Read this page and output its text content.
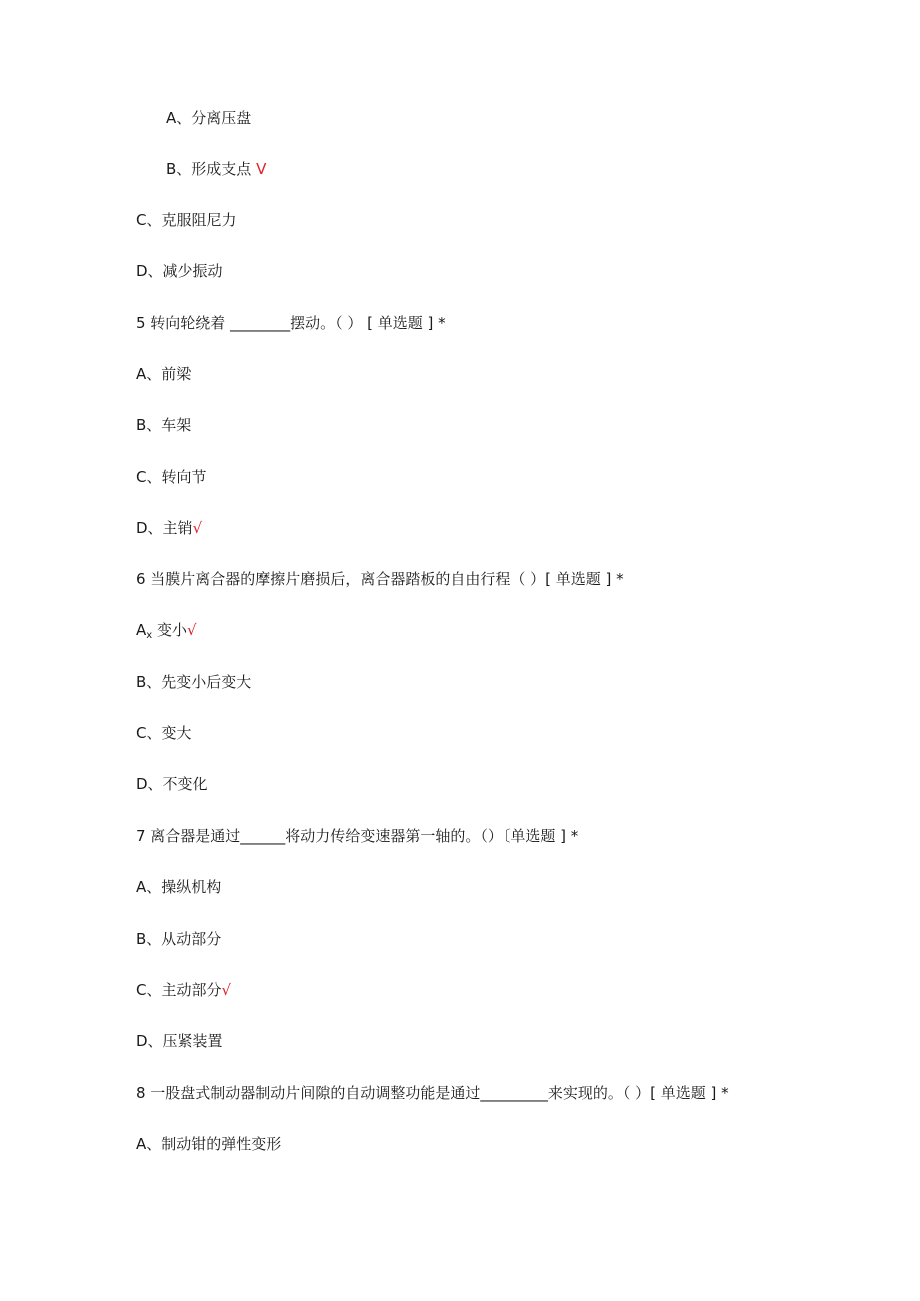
A、分离压盘
B、形成支点 V
C、克服阻尼力
D、减少振动
5 转向轮绕着 ________摆动。（ ） [ 单选题 ] *
A、前梁
B、车架
C、转向节
D、主销√
6 当膜片离合器的摩擦片磨损后，离合器踏板的自由行程（ ）[ 单选题 ] *
$A_x$ 变小√
B、先变小后变大
C、变大
D、不变化
7 离合器是通过______将动力传给变速器第一轴的。（）〔单选题 ] *
A、操纵机构
B、从动部分
C、主动部分√
D、压紧装置
8 一股盘式制动器制动片间隙的自动调整功能是通过_________来实现的。（ ）[ 单选题 ] *
A、制动钳的弹性变形
